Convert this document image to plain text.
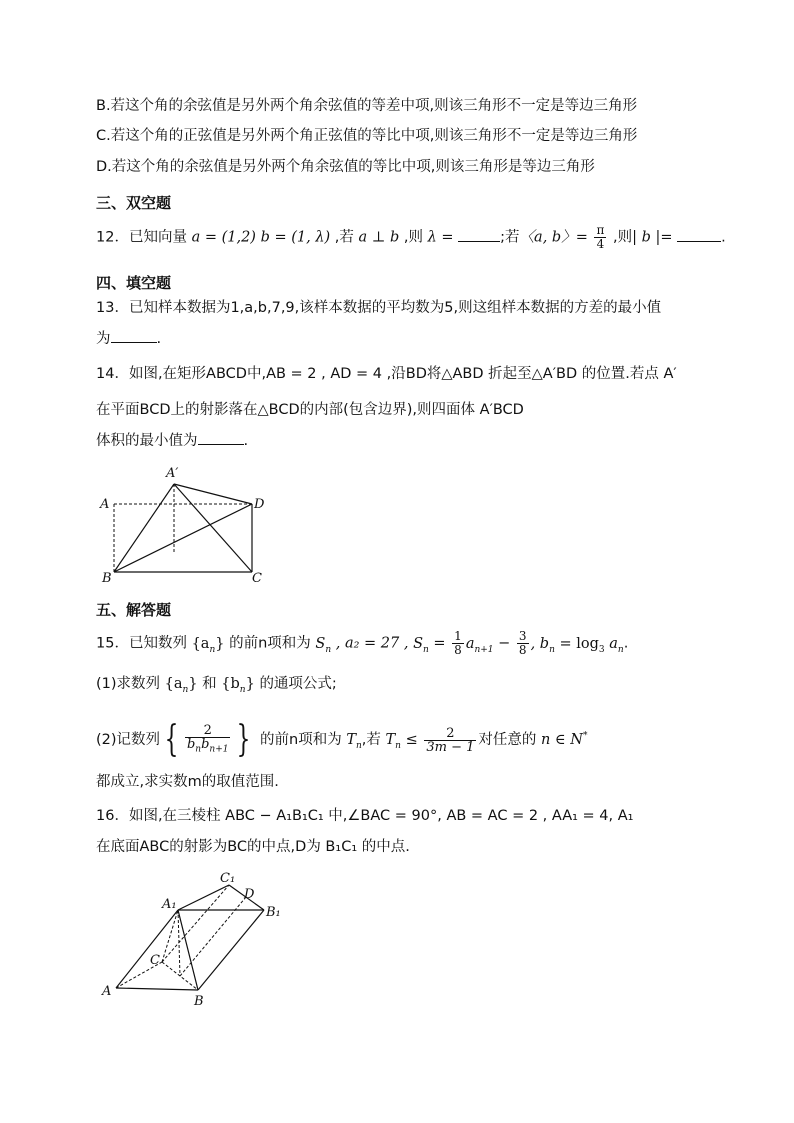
B.若这个角的余弦值是另外两个角余弦值的等差中项,则该三角形不一定是等边三角形
C.若这个角的正弦值是另外两个角正弦值的等比中项,则该三角形不一定是等边三角形
D.若这个角的余弦值是另外两个角余弦值的等比中项,则该三角形是等边三角形
三、双空题
12．已知向量 a = (1,2) b = (1, λ) ,若 a ⊥ b ,则 λ =	;若〈a, b〉= $\frac{\pi}{4}$ ,则| b |=	.
四、填空题
13．已知样本数据为1,a,b,7,9,该样本数据的平均数为5,则这组样本数据的方差的最小值
为	.
14．如图,在矩形ABCD中,AB = 2 , AD = 4 ,沿BD将△ABD 折起至△A′BD 的位置.若点 A′
在平面BCD上的射影落在△BCD的内部(包含边界),则四面体 A′BCD
体积的最小值为	.
A′
A	D
B	C
五、解答题
15．已知数列 $\{a_n\}$ 的前n项和为 $S_n$ , a₂ = 27 , $S_n = \frac{1}{8} a_{n+1} - \frac{3}{8}$ , $b_n = \log_3 a_n$.
(1)求数列 $\{a_n\}$ 和 $\{b_n\}$ 的通项公式;
(2)记数列 { $\frac{2}{b_nb_{n+1}}$ } 的前n项和为 $T_n$,若 $T_n \le \frac{2}{3m - 1}$ 对任意的 n ∈ N*
都成立,求实数m的取值范围.
16．如图,在三棱柱 ABC − A₁B₁C₁ 中,∠BAC = 90°, AB = AC = 2 , AA₁ = 4, A₁
在底面ABC的射影为BC的中点,D为 B₁C₁ 的中点.
C₁
D
A₁
B₁
C
A
B
